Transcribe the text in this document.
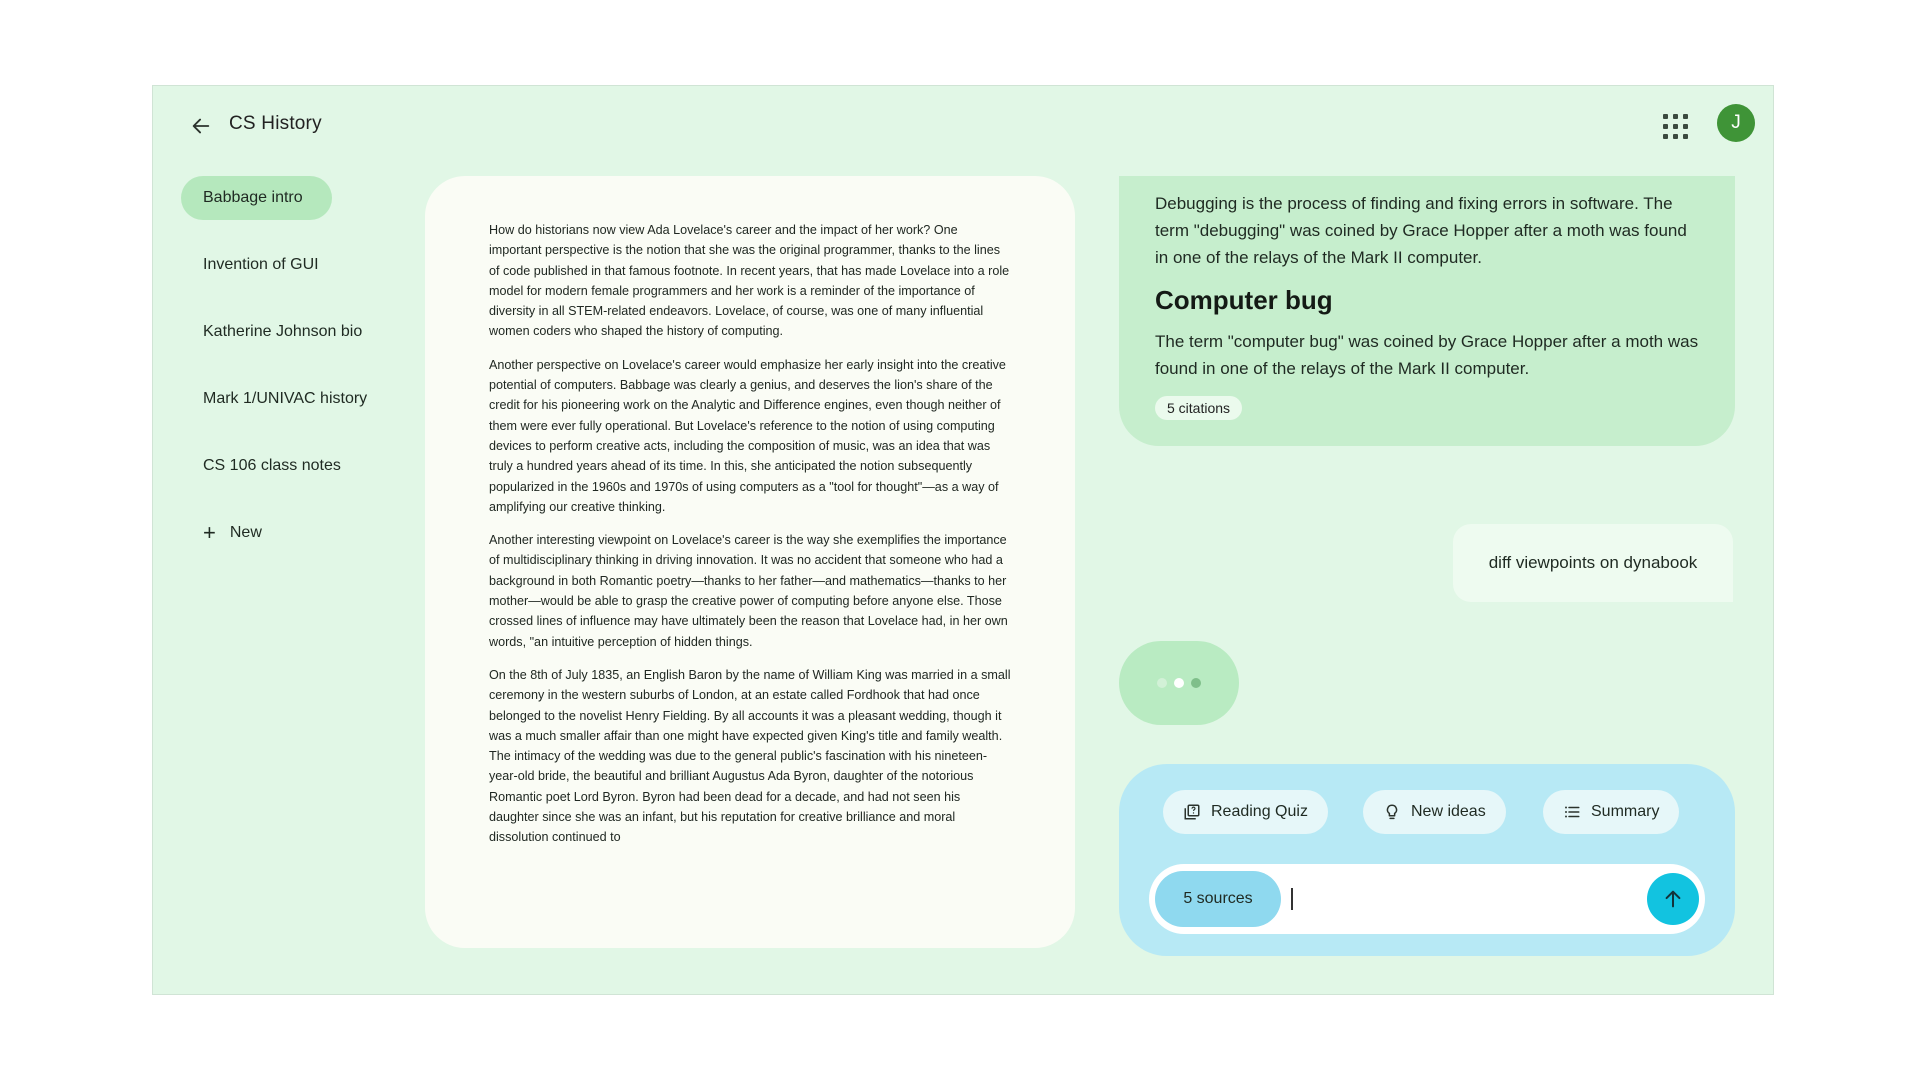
CS History	J
Babbage intro
Invention of GUI
Katherine Johnson bio
Mark 1/UNIVAC history
CS 106 class notes
+ New

How do historians now view Ada Lovelace's career and the impact of her work? One important perspective is the notion that she was the original programmer, thanks to the lines of code published in that famous footnote. In recent years, that has made Lovelace into a role model for modern female programmers and her work is a reminder of the importance of diversity in all STEM-related endeavors. Lovelace, of course, was one of many influential women coders who shaped the history of computing.

Another perspective on Lovelace's career would emphasize her early insight into the creative potential of computers. Babbage was clearly a genius, and deserves the lion's share of the credit for his pioneering work on the Analytic and Difference engines, even though neither of them were ever fully operational. But Lovelace's reference to the notion of using computing devices to perform creative acts, including the composition of music, was an idea that was truly a hundred years ahead of its time. In this, she anticipated the notion subsequently popularized in the 1960s and 1970s of using computers as a "tool for thought"—as a way of amplifying our creative thinking.

Another interesting viewpoint on Lovelace's career is the way she exemplifies the importance of multidisciplinary thinking in driving innovation. It was no accident that someone who had a background in both Romantic poetry—thanks to her father—and mathematics—thanks to her mother—would be able to grasp the creative power of computing before anyone else. Those crossed lines of influence may have ultimately been the reason that Lovelace had, in her own words, "an intuitive perception of hidden things.

On the 8th of July 1835, an English Baron by the name of William King was married in a small ceremony in the western suburbs of London, at an estate called Fordhook that had once belonged to the novelist Henry Fielding. By all accounts it was a pleasant wedding, though it was a much smaller affair than one might have expected given King's title and family wealth. The intimacy of the wedding was due to the general public's fascination with his nineteen-year-old bride, the beautiful and brilliant Augustus Ada Byron, daughter of the notorious Romantic poet Lord Byron. Byron had been dead for a decade, and had not seen his daughter since she was an infant, but his reputation for creative brilliance and moral dissolution continued to

Debugging is the process of finding and fixing errors in software. The term "debugging" was coined by Grace Hopper after a moth was found in one of the relays of the Mark II computer.

Computer bug

The term "computer bug" was coined by Grace Hopper after a moth was found in one of the relays of the Mark II computer.

5 citations
diff viewpoints on dynabook
Reading Quiz	New ideas	Summary
5 sources
